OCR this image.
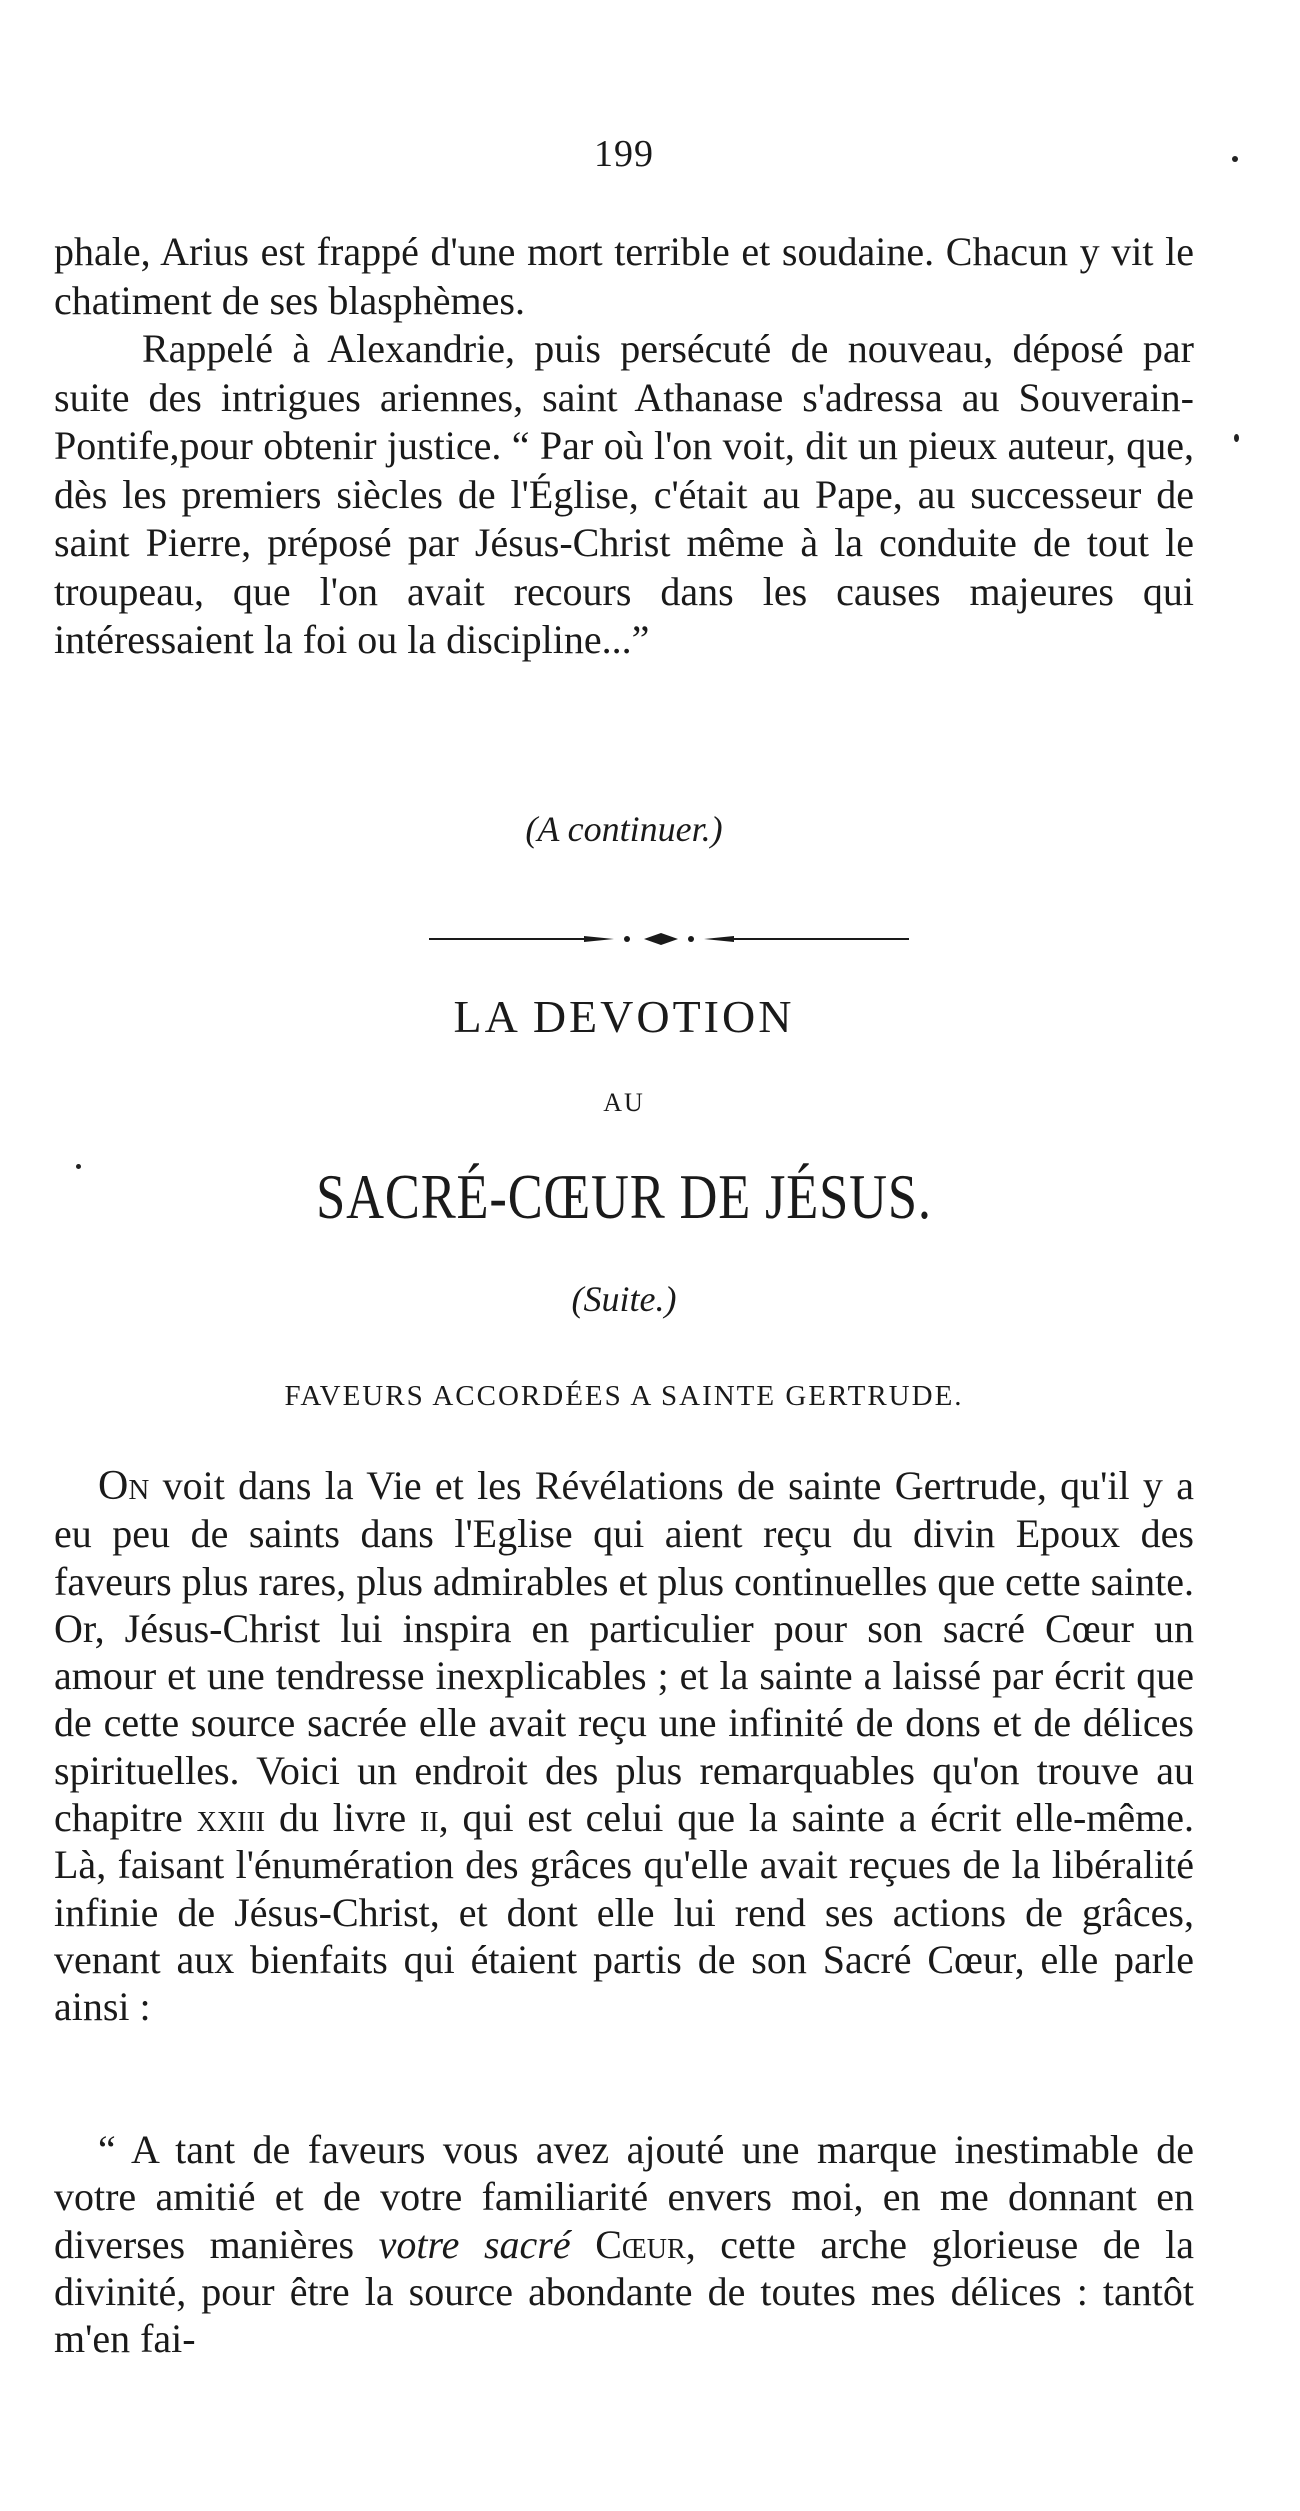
199

phale, Arius est frappé d'une mort terrible et soudaine. Chacun y vit le chatiment de ses blasphèmes.

Rappelé à Alexandrie, puis persécuté de nouveau, déposé par suite des intrigues ariennes, saint Athanase s'adressa au Souverain-Pontife,pour obtenir justice. “ Par où l'on voit, dit un pieux auteur, que, dès les premiers siècles de l'Église, c'était au Pape, au successeur de saint Pierre, préposé par Jésus-Christ même à la conduite de tout le troupeau, que l'on avait recours dans les causes majeures qui intéressaient la foi ou la discipline...”

(A continuer.)

LA DEVOTION
AU
SACRÉ-CŒUR DE JÉSUS.
(Suite.)
FAVEURS ACCORDÉES A SAINTE GERTRUDE.

On voit dans la Vie et les Révélations de sainte Gertrude, qu'il y a eu peu de saints dans l'Eglise qui aient reçu du divin Epoux des faveurs plus rares, plus admirables et plus continuelles que cette sainte. Or, Jésus-Christ lui inspira en particulier pour son sacré Cœur un amour et une tendresse inexplicables ; et la sainte a laissé par écrit que de cette source sacrée elle avait reçu une infinité de dons et de délices spirituelles. Voici un endroit des plus remarquables qu'on trouve au chapitre xxiii du livre ii, qui est celui que la sainte a écrit elle-même. Là, faisant l'énumération des grâces qu'elle avait reçues de la libéralité infinie de Jésus-Christ, et dont elle lui rend ses actions de grâces, venant aux bienfaits qui étaient partis de son Sacré Cœur, elle parle ainsi :

“ A tant de faveurs vous avez ajouté une marque inestimable de votre amitié et de votre familiarité envers moi, en me donnant en diverses manières votre sacré Cœur, cette arche glorieuse de la divinité, pour être la source abondante de toutes mes délices : tantôt m'en fai-
